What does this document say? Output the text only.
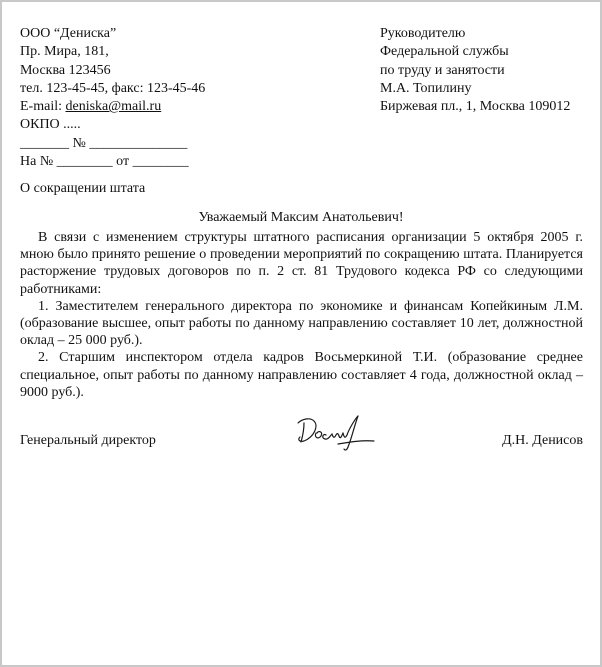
ООО “Дениска”
Пр. Мира, 181,
Москва 123456
тел. 123-45-45, факс: 123-45-46
E-mail: deniska@mail.ru
ОКПО .....
_______ № ______________
На № ________ от ________
Руководителю
Федеральной службы
по труду и занятости
М.А. Топилину
Биржевая пл., 1, Москва 109012
О сокращении штата
Уважаемый Максим Анатольевич!

В связи с изменением структуры штатного расписания организации 5 октября 2005 г. мною было принято решение о проведении мероприятий по сокращению штата. Планируется расторжение трудовых договоров по п. 2 ст. 81 Трудового кодекса РФ со следующими работниками:

1. Заместителем генерального директора по экономике и финансам Копейкиным Л.М. (образование высшее, опыт работы по данному направлению составляет 10 лет, должностной оклад – 25 000 руб.).

2. Старшим инспектором отдела кадров Восьмеркиной Т.И. (образование среднее специальное, опыт работы по данному направлению составляет 4 года, должностной оклад – 9000 руб.).

Генеральный директор	Д.Н. Денисов
